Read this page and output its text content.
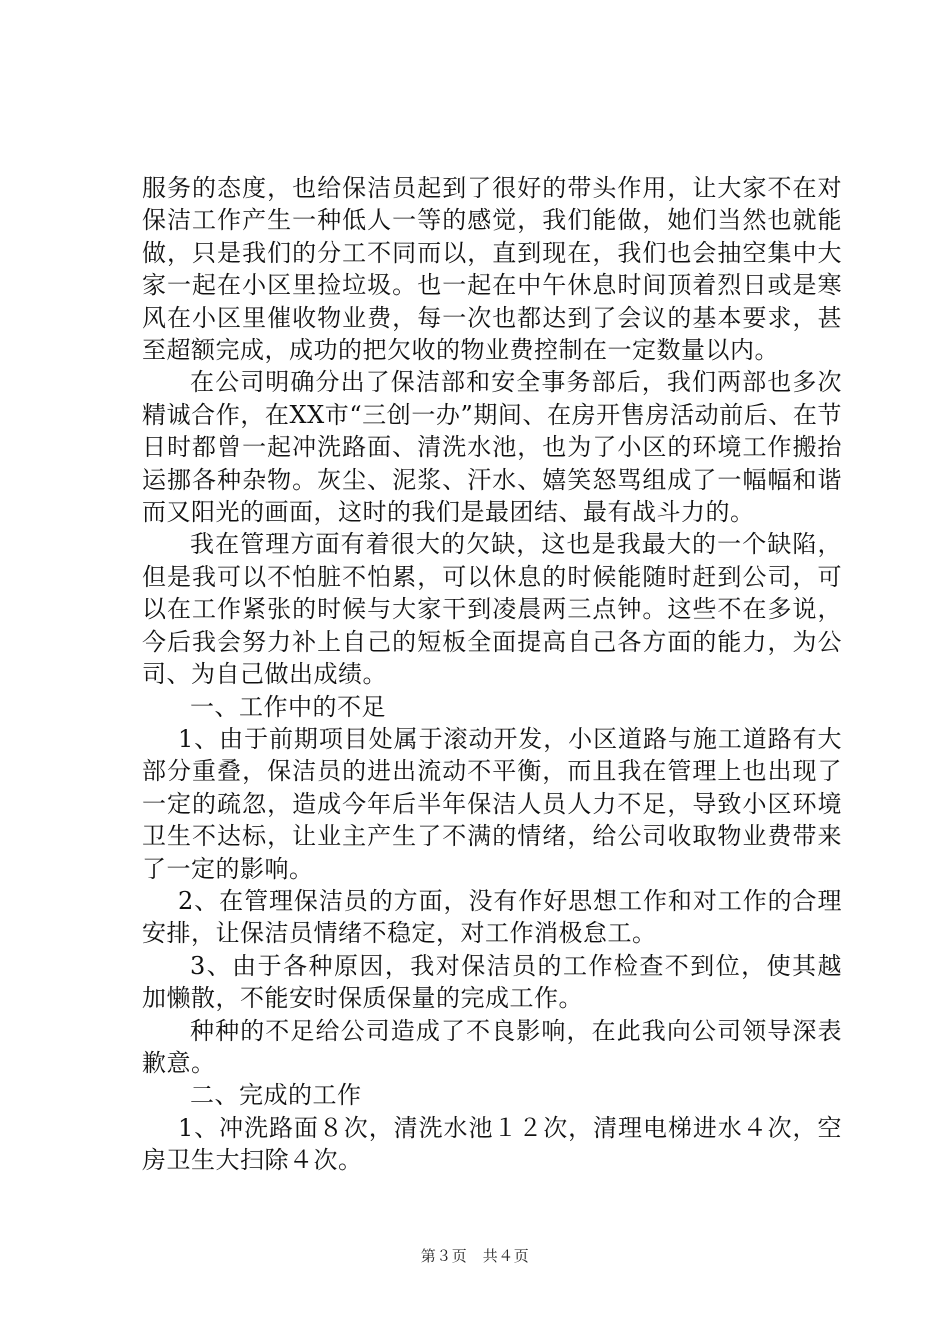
服务的态度，也给保洁员起到了很好的带头作用，让大家不在对保洁工作产生一种低人一等的感觉，我们能做，她们当然也就能做，只是我们的分工不同而以，直到现在，我们也会抽空集中大家一起在小区里捡垃圾。也一起在中午休息时间顶着烈日或是寒风在小区里催收物业费，每一次也都达到了会议的基本要求，甚至超额完成，成功的把欠收的物业费控制在一定数量以内。

在公司明确分出了保洁部和安全事务部后，我们两部也多次精诚合作，在XX市“三创一办”期间、在房开售房活动前后、在节日时都曾一起冲洗路面、清洗水池，也为了小区的环境工作搬抬运挪各种杂物。灰尘、泥浆、汗水、嬉笑怒骂组成了一幅幅和谐而又阳光的画面，这时的我们是最团结、最有战斗力的。

我在管理方面有着很大的欠缺，这也是我最大的一个缺陷，但是我可以不怕脏不怕累，可以休息的时候能随时赶到公司，可以在工作紧张的时候与大家干到凌晨两三点钟。这些不在多说，今后我会努力补上自己的短板全面提高自己各方面的能力，为公司、为自己做出成绩。

一、工作中的不足

1、由于前期项目处属于滚动开发，小区道路与施工道路有大部分重叠，保洁员的进出流动不平衡，而且我在管理上也出现了一定的疏忽，造成今年后半年保洁人员人力不足，导致小区环境卫生不达标，让业主产生了不满的情绪，给公司收取物业费带来了一定的影响。

2、在管理保洁员的方面，没有作好思想工作和对工作的合理安排，让保洁员情绪不稳定，对工作消极怠工。

3、由于各种原因，我对保洁员的工作检查不到位，使其越加懒散，不能安时保质保量的完成工作。

种种的不足给公司造成了不良影响，在此我向公司领导深表歉意。

二、完成的工作

1、冲洗路面８次，清洗水池１２次，清理电梯进水４次，空房卫生大扫除４次。

第３页　共４页
